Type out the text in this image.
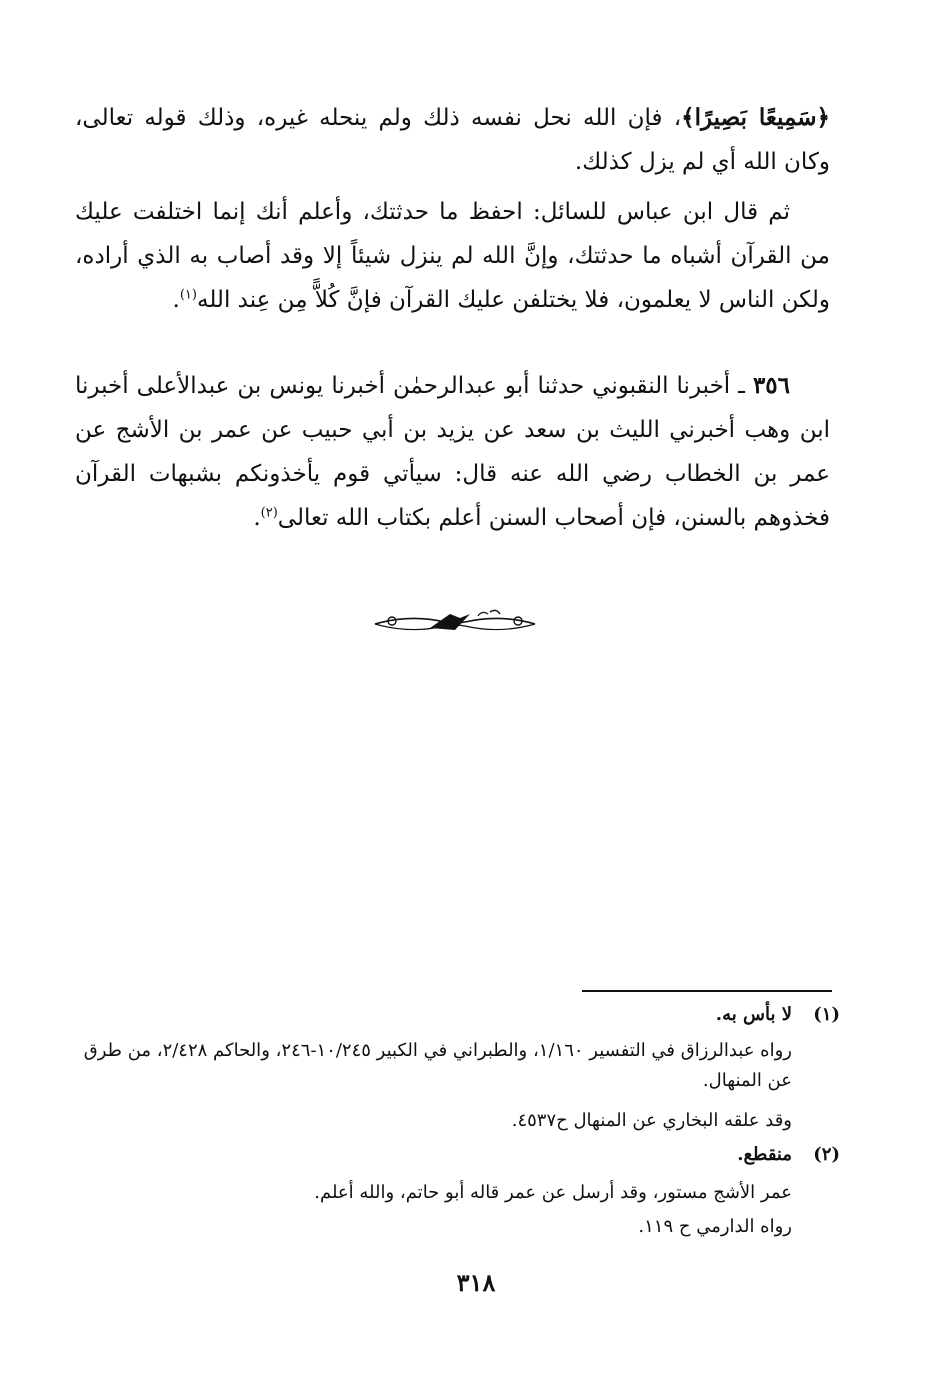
﴿سَمِيعًا بَصِيرًا﴾، فإن الله نحل نفسه ذلك ولم ينحله غيره، وذلك قوله تعالى، وكان الله أي لم يزل كذلك.

ثم قال ابن عباس للسائل: احفظ ما حدثتك، وأعلم أنك إنما اختلفت عليك من القرآن أشباه ما حدثتك، وإنَّ الله لم ينزل شيئاً إلا وقد أصاب به الذي أراده، ولكن الناس لا يعلمون، فلا يختلفن عليك القرآن فإنَّ كُلاًّ مِن عِند الله$^{(١)}$.

٣٥٦ ـ أخبرنا النقبوني حدثنا أبو عبدالرحمٰن أخبرنا يونس بن عبدالأعلى أخبرنا ابن وهب أخبرني الليث بن سعد عن يزيد بن أبي حبيب عن عمر بن الأشج عن عمر بن الخطاب رضي الله عنه قال: سيأتي قوم يأخذونكم بشبهات القرآن فخذوهم بالسنن، فإن أصحاب السنن أعلم بكتاب الله تعالى$^{(٢)}$.

(١)

لا بأس به.

رواه عبدالرزاق في التفسير ١/١٦٠، والطبراني في الكبير ١٠/٢٤٥-٢٤٦، والحاكم ٢/٤٢٨، من طرق عن المنهال.

وقد علقه البخاري عن المنهال ح٤٥٣٧.

(٢)

منقطع.

عمر الأشج مستور، وقد أرسل عن عمر قاله أبو حاتم، والله أعلم.

رواه الدارمي ح ١١٩.

٣١٨
